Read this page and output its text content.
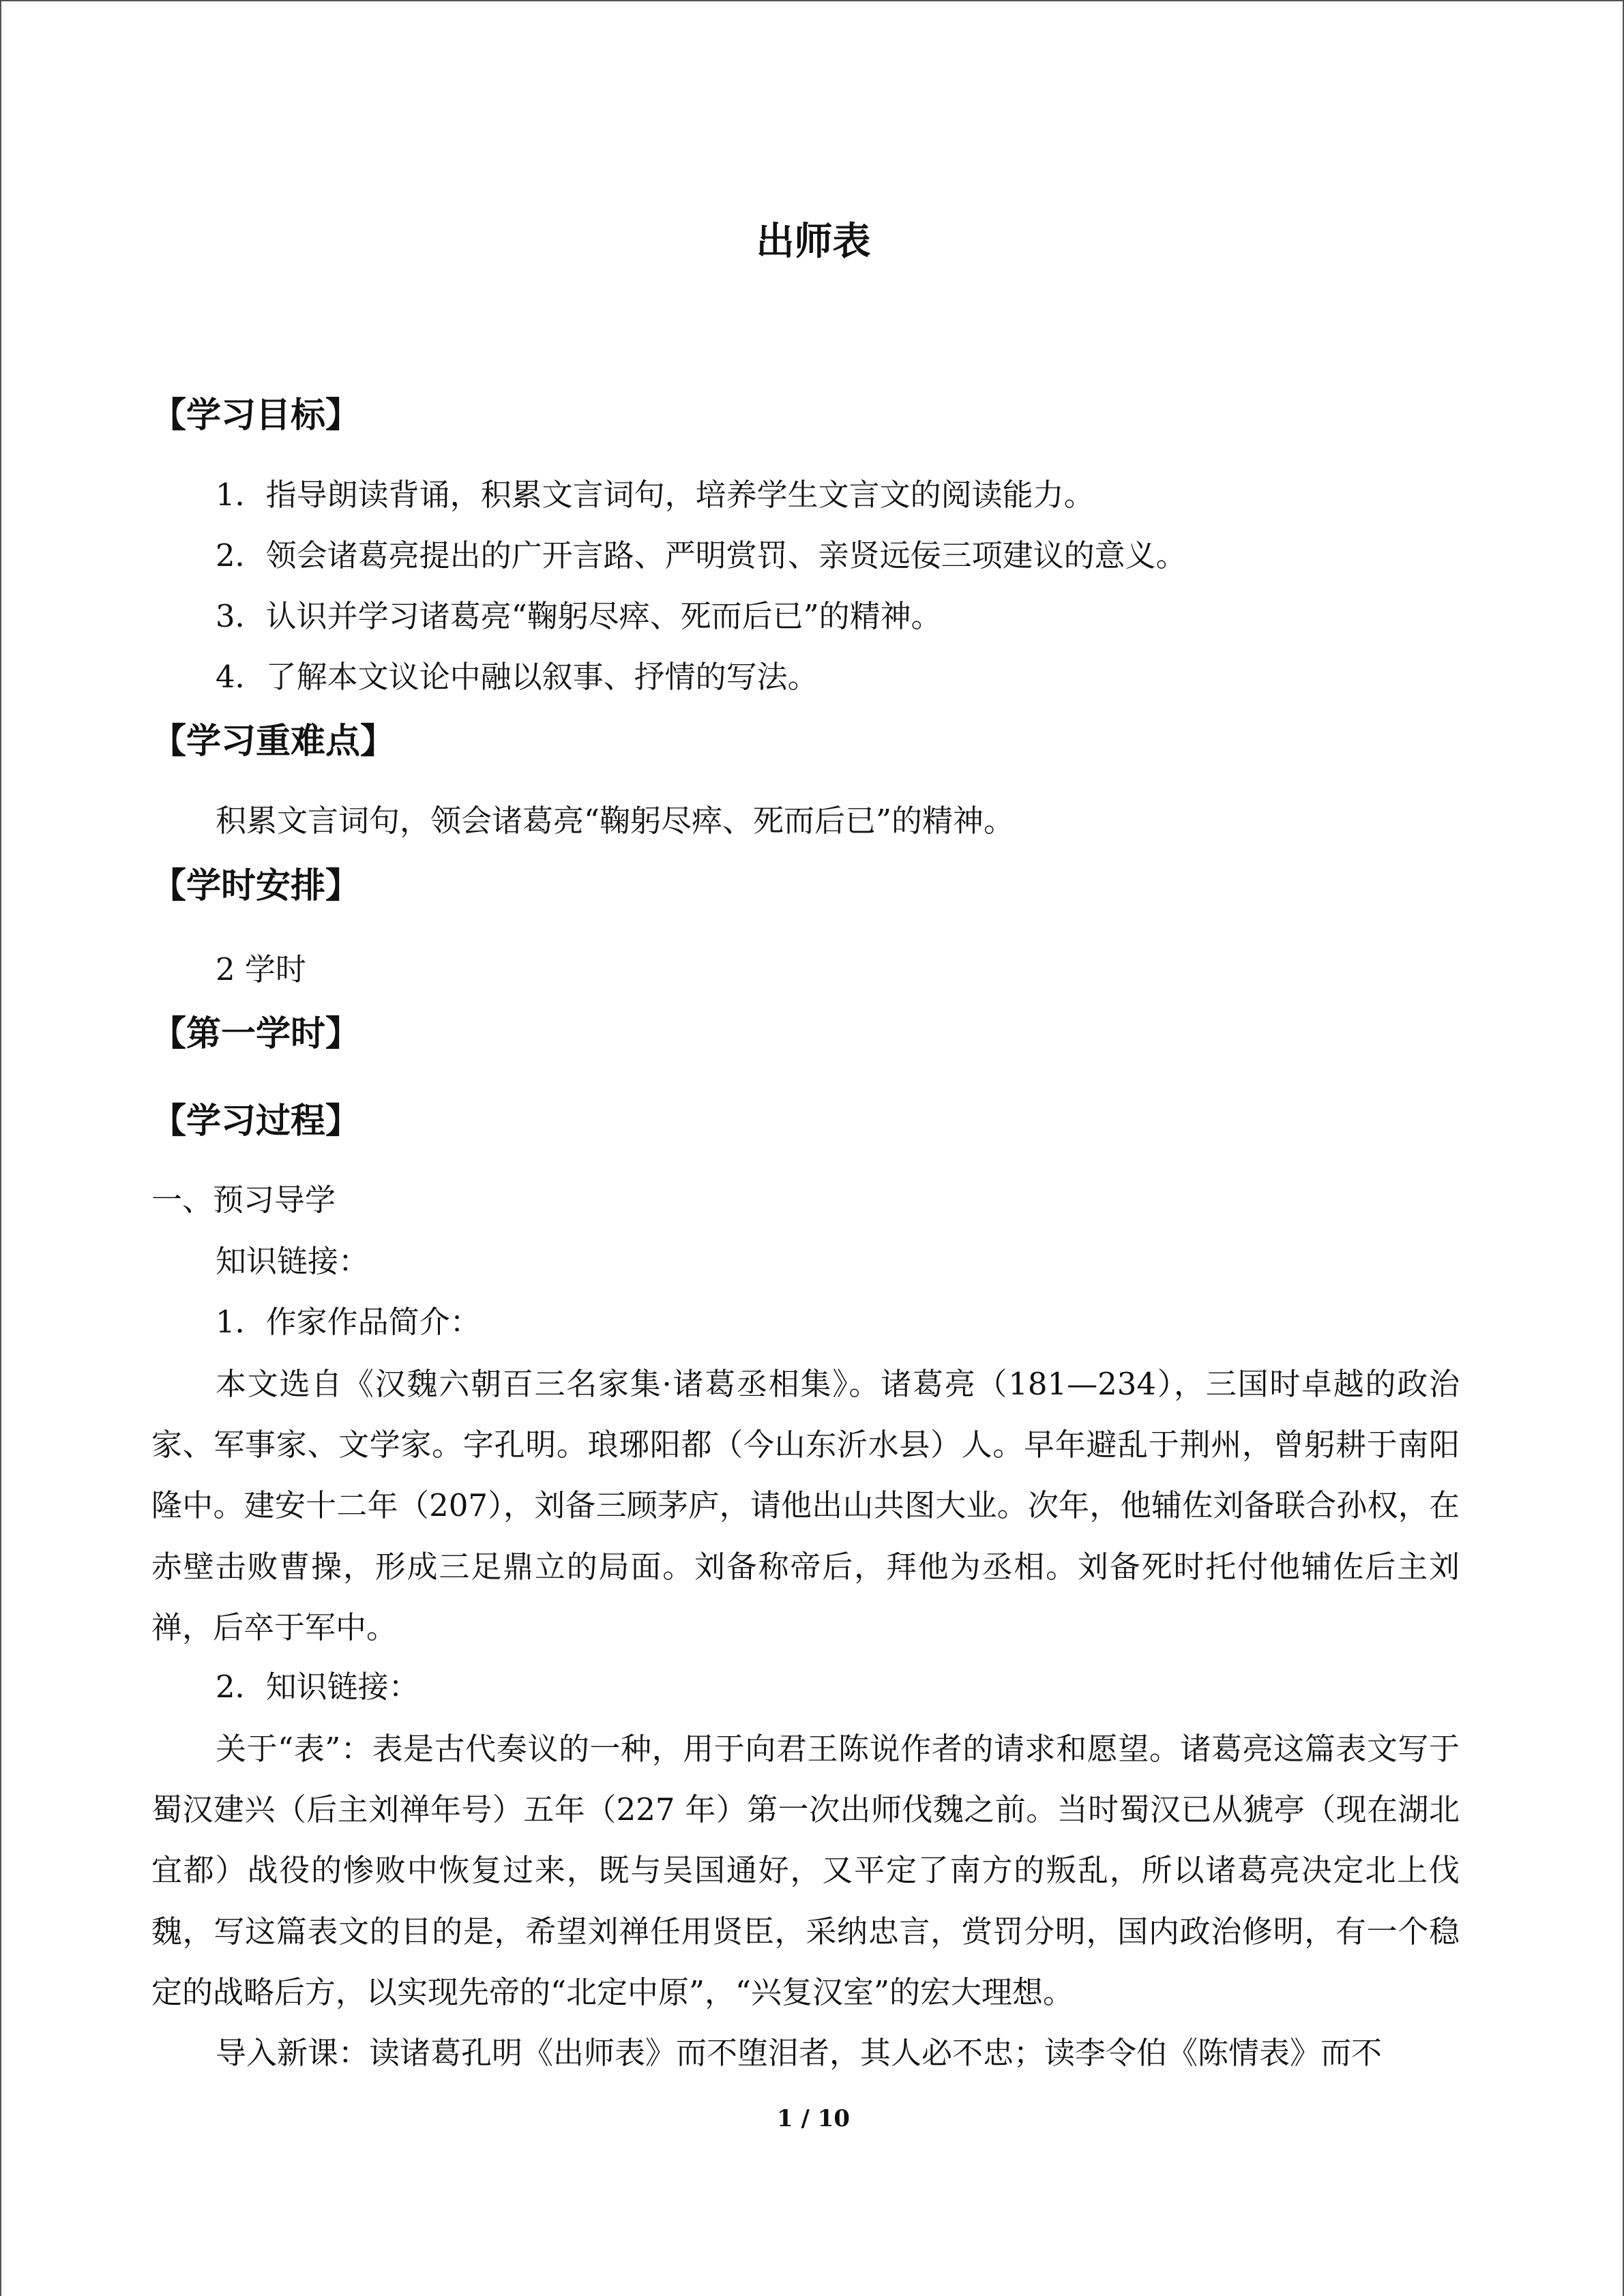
出师表
【学习目标】

1．指导朗读背诵，积累文言词句，培养学生文言文的阅读能力。

2．领会诸葛亮提出的广开言路、严明赏罚、亲贤远佞三项建议的意义。

3．认识并学习诸葛亮“鞠躬尽瘁、死而后已”的精神。

4．了解本文议论中融以叙事、抒情的写法。

【学习重难点】

积累文言词句，领会诸葛亮“鞠躬尽瘁、死而后已”的精神。

【学时安排】

2 学时

【第一学时】
【学习过程】

一、预习导学

知识链接：

1．作家作品简介：

本文选自《汉魏六朝百三名家集·诸葛丞相集》。诸葛亮（181—234），三国时卓越的政治家、军事家、文学家。字孔明。琅琊阳都（今山东沂水县）人。早年避乱于荆州，曾躬耕于南阳隆中。建安十二年（207），刘备三顾茅庐，请他出山共图大业。次年，他辅佐刘备联合孙权，在赤壁击败曹操，形成三足鼎立的局面。刘备称帝后，拜他为丞相。刘备死时托付他辅佐后主刘禅，后卒于军中。

2．知识链接：

关于“表”：表是古代奏议的一种，用于向君王陈说作者的请求和愿望。诸葛亮这篇表文写于蜀汉建兴（后主刘禅年号）五年（227 年）第一次出师伐魏之前。当时蜀汉已从猇亭（现在湖北宜都）战役的惨败中恢复过来，既与吴国通好，又平定了南方的叛乱，所以诸葛亮决定北上伐魏，写这篇表文的目的是，希望刘禅任用贤臣，采纳忠言，赏罚分明，国内政治修明，有一个稳定的战略后方，以实现先帝的“北定中原”，“兴复汉室”的宏大理想。

导入新课：读诸葛孔明《出师表》而不堕泪者，其人必不忠；读李令伯《陈情表》而不

1 / 10
